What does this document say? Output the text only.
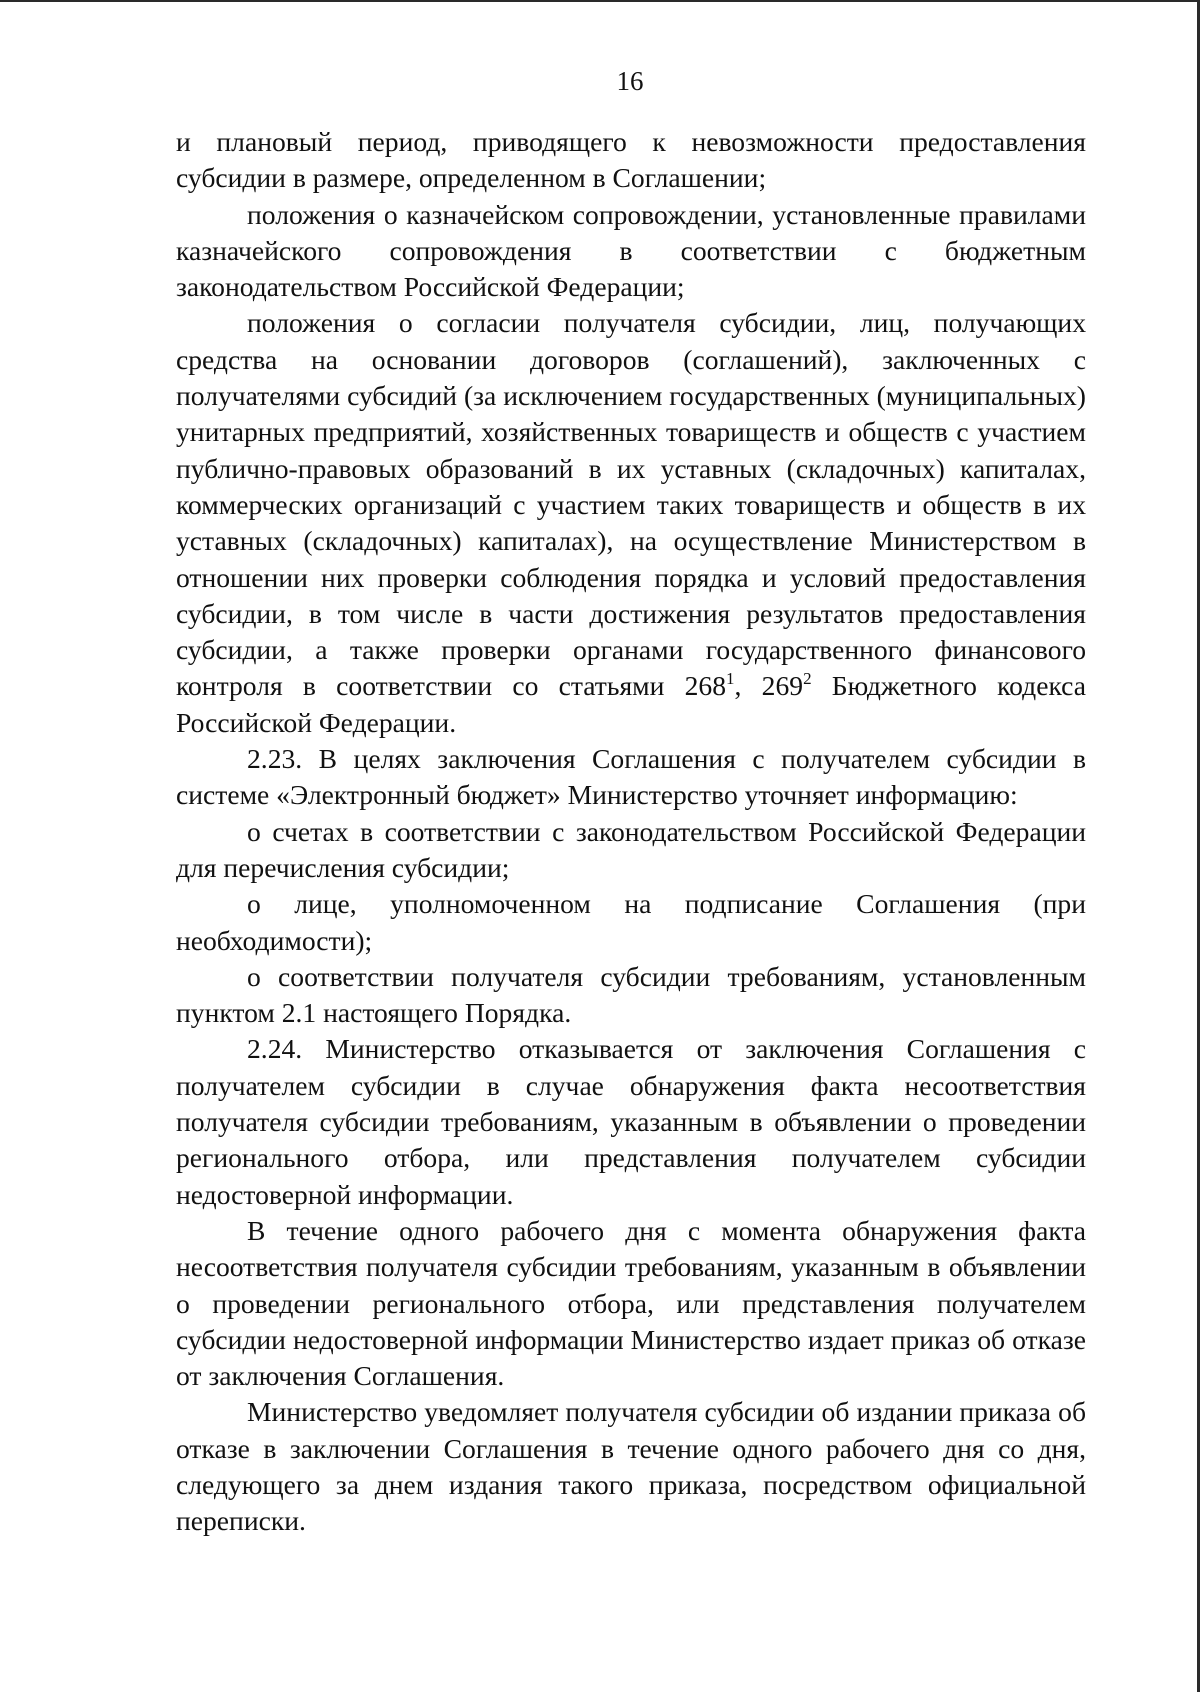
16

и плановый период, приводящего к невозможности предоставления субсидии в размере, определенном в Соглашении;

положения о казначейском сопровождении, установленные правилами казначейского сопровождения в соответствии с бюджетным законодательством Российской Федерации;

положения о согласии получателя субсидии, лиц, получающих средства на основании договоров (соглашений), заключенных с получателями субсидий (за исключением государственных (муниципальных) унитарных предприятий, хозяйственных товариществ и обществ с участием публично-правовых образований в их уставных (складочных) капиталах, коммерческих организаций с участием таких товариществ и обществ в их уставных (складочных) капиталах), на осуществление Министерством в отношении них проверки соблюдения порядка и условий предоставления субсидии, в том числе в части достижения результатов предоставления субсидии, а также проверки органами государственного финансового контроля в соответствии со статьями $268^1$, $269^2$ Бюджетного кодекса Российской Федерации.

2.23. В целях заключения Соглашения с получателем субсидии в системе «Электронный бюджет» Министерство уточняет информацию:

о счетах в соответствии с законодательством Российской Федерации для перечисления субсидии;

о лице, уполномоченном на подписание Соглашения (при необходимости);

о соответствии получателя субсидии требованиям, установленным пунктом 2.1 настоящего Порядка.

2.24. Министерство отказывается от заключения Соглашения с получателем субсидии в случае обнаружения факта несоответствия получателя субсидии требованиям, указанным в объявлении о проведении регионального отбора, или представления получателем субсидии недостоверной информации.

В течение одного рабочего дня с момента обнаружения факта несоответствия получателя субсидии требованиям, указанным в объявлении о проведении регионального отбора, или представления получателем субсидии недостоверной информации Министерство издает приказ об отказе от заключения Соглашения.

Министерство уведомляет получателя субсидии об издании приказа об отказе в заключении Соглашения в течение одного рабочего дня со дня, следующего за днем издания такого приказа, посредством официальной переписки.
